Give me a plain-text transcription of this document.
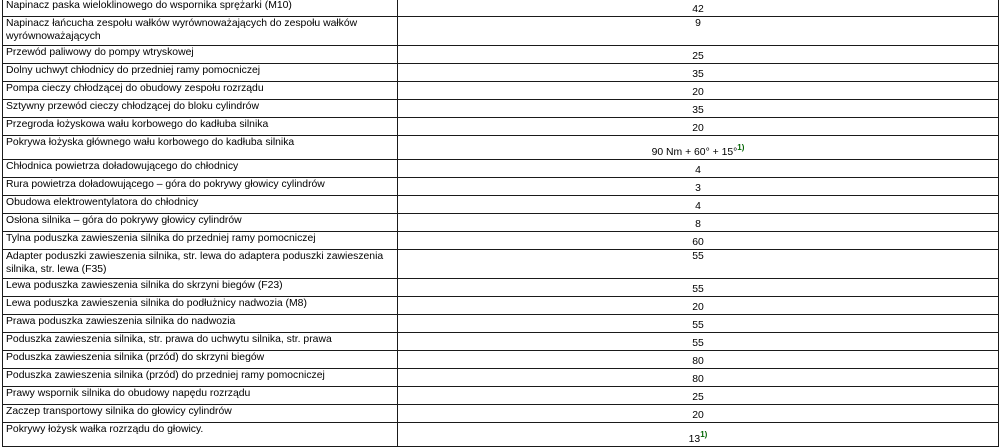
Napinacz paska wieloklinowego do wspornika sprężarki (M10)	42
Napinacz łańcucha zespołu wałków wyrównoważających do zespołu wałków wyrównoważających	9
Przewód paliwowy do pompy wtryskowej	25
Dolny uchwyt chłodnicy do przedniej ramy pomocniczej	35
Pompa cieczy chłodzącej do obudowy zespołu rozrządu	20
Sztywny przewód cieczy chłodzącej do bloku cylindrów	35
Przegroda łożyskowa wału korbowego do kadłuba silnika	20
Pokrywa łożyska głównego wału korbowego do kadłuba silnika	90 Nm + 60° + 15°$^{1)}$
Chłodnica powietrza doładowującego do chłodnicy	4
Rura powietrza doładowującego – góra do pokrywy głowicy cylindrów	3
Obudowa elektrowentylatora do chłodnicy	4
Osłona silnika – góra do pokrywy głowicy cylindrów	8
Tylna poduszka zawieszenia silnika do przedniej ramy pomocniczej	60
Adapter poduszki zawieszenia silnika, str. lewa do adaptera poduszki zawieszenia silnika, str. lewa (F35)	55
Lewa poduszka zawieszenia silnika do skrzyni biegów (F23)	55
Lewa poduszka zawieszenia silnika do podłużnicy nadwozia (M8)	20
Prawa poduszka zawieszenia silnika do nadwozia	55
Poduszka zawieszenia silnika, str. prawa do uchwytu silnika, str. prawa	55
Poduszka zawieszenia silnika (przód) do skrzyni biegów	80
Poduszka zawieszenia silnika (przód) do przedniej ramy pomocniczej	80
Prawy wspornik silnika do obudowy napędu rozrządu	25
Zaczep transportowy silnika do głowicy cylindrów	20
Pokrywy łożysk wałka rozrządu do głowicy.	13$^{1)}$
